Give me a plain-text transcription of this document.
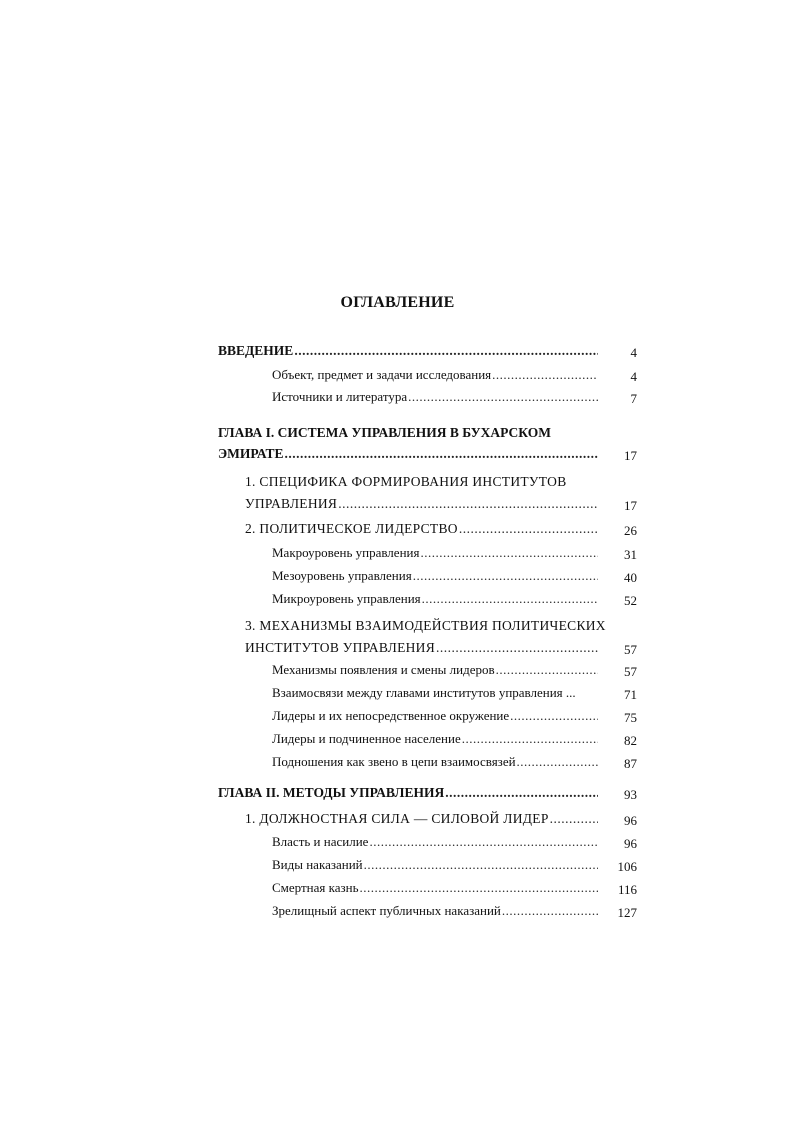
ОГЛАВЛЕНИЕ
ВВЕДЕНИЕ .....	4
Объект, предмет и задачи исследования .....	4
Источники и литература .....	7
ГЛАВА I. СИСТЕМА УПРАВЛЕНИЯ В БУХАРСКОМ
ЭМИРАТЕ .....	17
1. СПЕЦИФИКА ФОРМИРОВАНИЯ ИНСТИТУТОВ
УПРАВЛЕНИЯ .....	17
2. ПОЛИТИЧЕСКОЕ ЛИДЕРСТВО .....	26
Макроуровень управления .....	31
Мезоуровень управления .....	40
Микроуровень управления .....	52
3. МЕХАНИЗМЫ ВЗАИМОДЕЙСТВИЯ ПОЛИТИЧЕСКИХ
ИНСТИТУТОВ УПРАВЛЕНИЯ .....	57
Механизмы появления и смены лидеров .....	57
Взаимосвязи между главами институтов управления ...	71
Лидеры и их непосредственное окружение .....	75
Лидеры и подчиненное население .....	82
Подношения как звено в цепи взаимосвязей .....	87
ГЛАВА II. МЕТОДЫ УПРАВЛЕНИЯ .....	93
1. ДОЛЖНОСТНАЯ СИЛА — СИЛОВОЙ ЛИДЕР .....	96
Власть и насилие .....	96
Виды наказаний .....	106
Смертная казнь .....	116
Зрелищный аспект публичных наказаний .....	127
